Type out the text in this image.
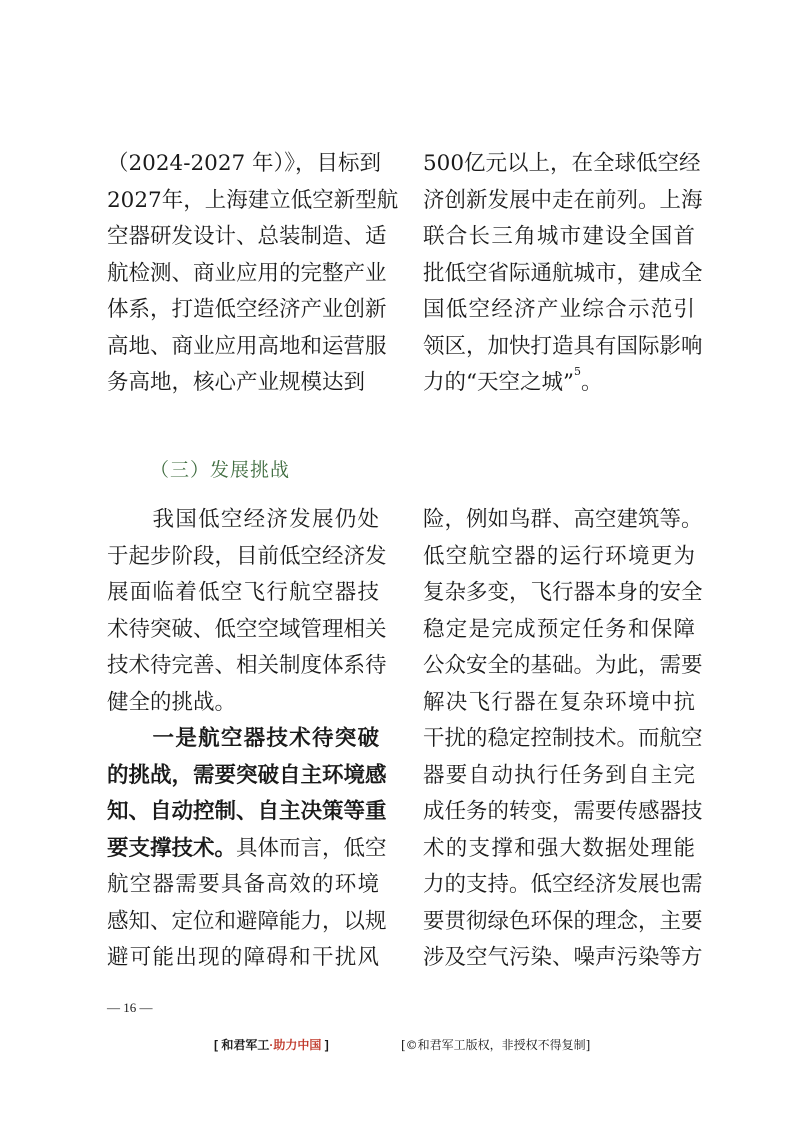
（2024-2027 年）》，目标到
2027年，上海建立低空新型航
空器研发设计、总装制造、适
航检测、商业应用的完整产业
体系，打造低空经济产业创新
高地、商业应用高地和运营服
务高地，核心产业规模达到
500亿元以上，在全球低空经
济创新发展中走在前列。上海
联合长三角城市建设全国首
批低空省际通航城市，建成全
国低空经济产业综合示范引
领区，加快打造具有国际影响
力的“天空之城”$^5$。
（三）发展挑战
　　我国低空经济发展仍处
于起步阶段，目前低空经济发
展面临着低空飞行航空器技
术待突破、低空空域管理相关
技术待完善、相关制度体系待
健全的挑战。
　　一是航空器技术待突破
的挑战，需要突破自主环境感
知、自动控制、自主决策等重
要支撑技术。具体而言，低空
航空器需要具备高效的环境
感知、定位和避障能力，以规
避可能出现的障碍和干扰风
险，例如鸟群、高空建筑等。
低空航空器的运行环境更为
复杂多变，飞行器本身的安全
稳定是完成预定任务和保障
公众安全的基础。为此，需要
解决飞行器在复杂环境中抗
干扰的稳定控制技术。而航空
器要自动执行任务到自主完
成任务的转变，需要传感器技
术的支撑和强大数据处理能
力的支持。低空经济发展也需
要贯彻绿色环保的理念，主要
涉及空气污染、噪声污染等方
— 16 —
[ 和君军工·助力中国 ]	[©和君军工版权，非授权不得复制]
